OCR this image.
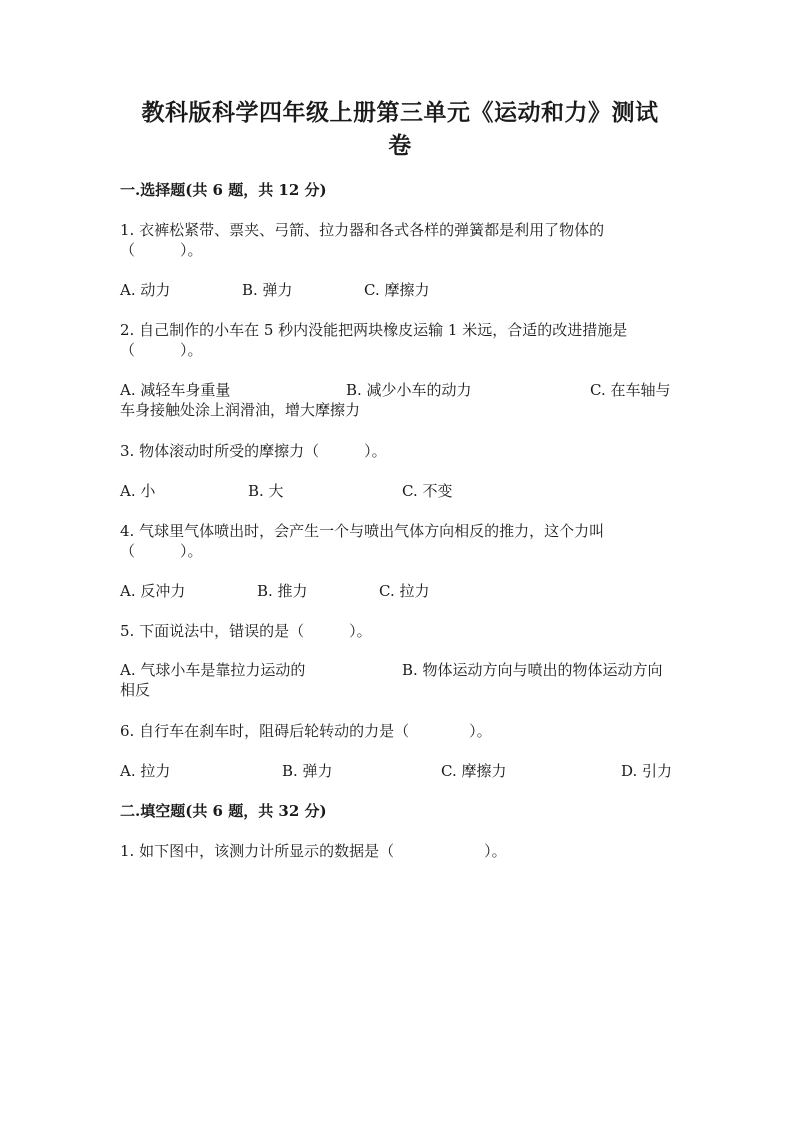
教科版科学四年级上册第三单元《运动和力》测试
卷
一.选择题(共 6 题，共 12 分)
1. 衣裤松紧带、票夹、弓箭、拉力器和各式各样的弹簧都是利用了物体的
（　　　）。
A. 动力	B. 弹力	C. 摩擦力
2. 自己制作的小车在 5 秒内没能把两块橡皮运输 1 米远，合适的改进措施是
（　　　）。
A. 减轻车身重量	B. 减少小车的动力	C. 在车轴与
车身接触处涂上润滑油，增大摩擦力
3. 物体滚动时所受的摩擦力（　　　）。
A. 小	B. 大	C. 不变
4. 气球里气体喷出时，会产生一个与喷出气体方向相反的推力，这个力叫
（　　　）。
A. 反冲力	B. 推力	C. 拉力
5. 下面说法中，错误的是（　　　）。
A. 气球小车是靠拉力运动的	B. 物体运动方向与喷出的物体运动方向
相反
6. 自行车在刹车时，阻碍后轮转动的力是（　　　　）。
A. 拉力	B. 弹力	C. 摩擦力	D. 引力
二.填空题(共 6 题，共 32 分)
1. 如下图中，该测力计所显示的数据是（　　　　　　）。
